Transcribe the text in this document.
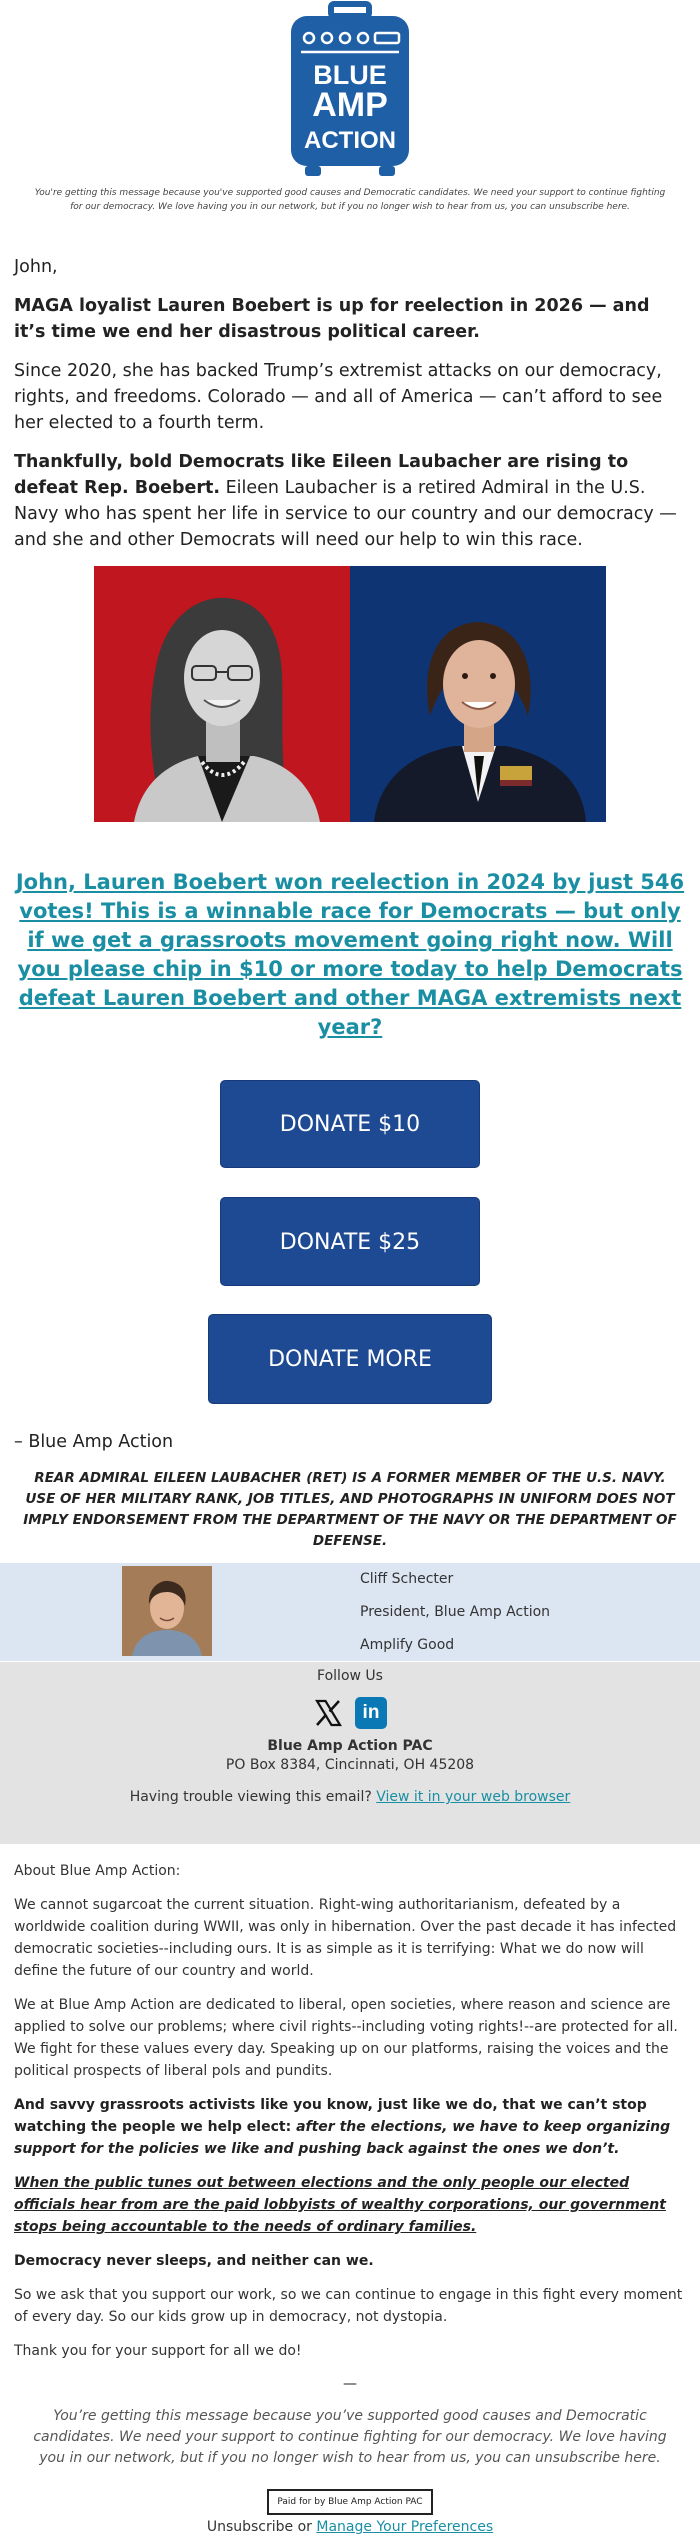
BLUE
AMP
ACTION
You're getting this message because you've supported good causes and Democratic candidates. We need your support to continue fighting for our democracy. We love having you in our network, but if you no longer wish to hear from us, you can unsubscribe here.

John,

MAGA loyalist Lauren Boebert is up for reelection in 2026 — and it’s time we end her disastrous political career.

Since 2020, she has backed Trump’s extremist attacks on our democracy, rights, and freedoms. Colorado — and all of America — can’t afford to see her elected to a fourth term.

Thankfully, bold Democrats like Eileen Laubacher are rising to defeat Rep. Boebert. Eileen Laubacher is a retired Admiral in the U.S. Navy who has spent her life in service to our country and our democracy — and she and other Democrats will need our help to win this race.

John, Lauren Boebert won reelection in 2024 by just 546 votes! This is a winnable race for Democrats — but only if we get a grassroots movement going right now. Will you please chip in $10 or more today to help Democrats defeat Lauren Boebert and other MAGA extremists next year?
DONATE $10
DONATE $25
DONATE MORE
– Blue Amp Action
REAR ADMIRAL EILEEN LAUBACHER (RET) IS A FORMER MEMBER OF THE U.S. NAVY. USE OF HER MILITARY RANK, JOB TITLES, AND PHOTOGRAPHS IN UNIFORM DOES NOT IMPLY ENDORSEMENT FROM THE DEPARTMENT OF THE NAVY OR THE DEPARTMENT OF DEFENSE.
Cliff Schecter
President, Blue Amp Action
Amplify Good
Follow Us
in
Blue Amp Action PAC
PO Box 8384, Cincinnati, OH 45208
Having trouble viewing this email? View it in your web browser

About Blue Amp Action:

We cannot sugarcoat the current situation. Right-wing authoritarianism, defeated by a worldwide coalition during WWII, was only in hibernation. Over the past decade it has infected democratic societies--including ours. It is as simple as it is terrifying: What we do now will define the future of our country and world.

We at Blue Amp Action are dedicated to liberal, open societies, where reason and science are applied to solve our problems; where civil rights--including voting rights!--are protected for all. We fight for these values every day. Speaking up on our platforms, raising the voices and the political prospects of liberal pols and pundits.

And savvy grassroots activists like you know, just like we do, that we can’t stop watching the people we help elect: after the elections, we have to keep organizing support for the policies we like and pushing back against the ones we don’t.

When the public tunes out between elections and the only people our elected officials hear from are the paid lobbyists of wealthy corporations, our government stops being accountable to the needs of ordinary families.

Democracy never sleeps, and neither can we.

So we ask that you support our work, so we can continue to engage in this fight every moment of every day. So our kids grow up in democracy, not dystopia.

Thank you for your support for all we do!

—
You’re getting this message because you’ve supported good causes and Democratic candidates. We need your support to continue fighting for our democracy. We love having you in our network, but if you no longer wish to hear from us, you can unsubscribe here.
Paid for by Blue Amp Action PAC
Unsubscribe or Manage Your Preferences
